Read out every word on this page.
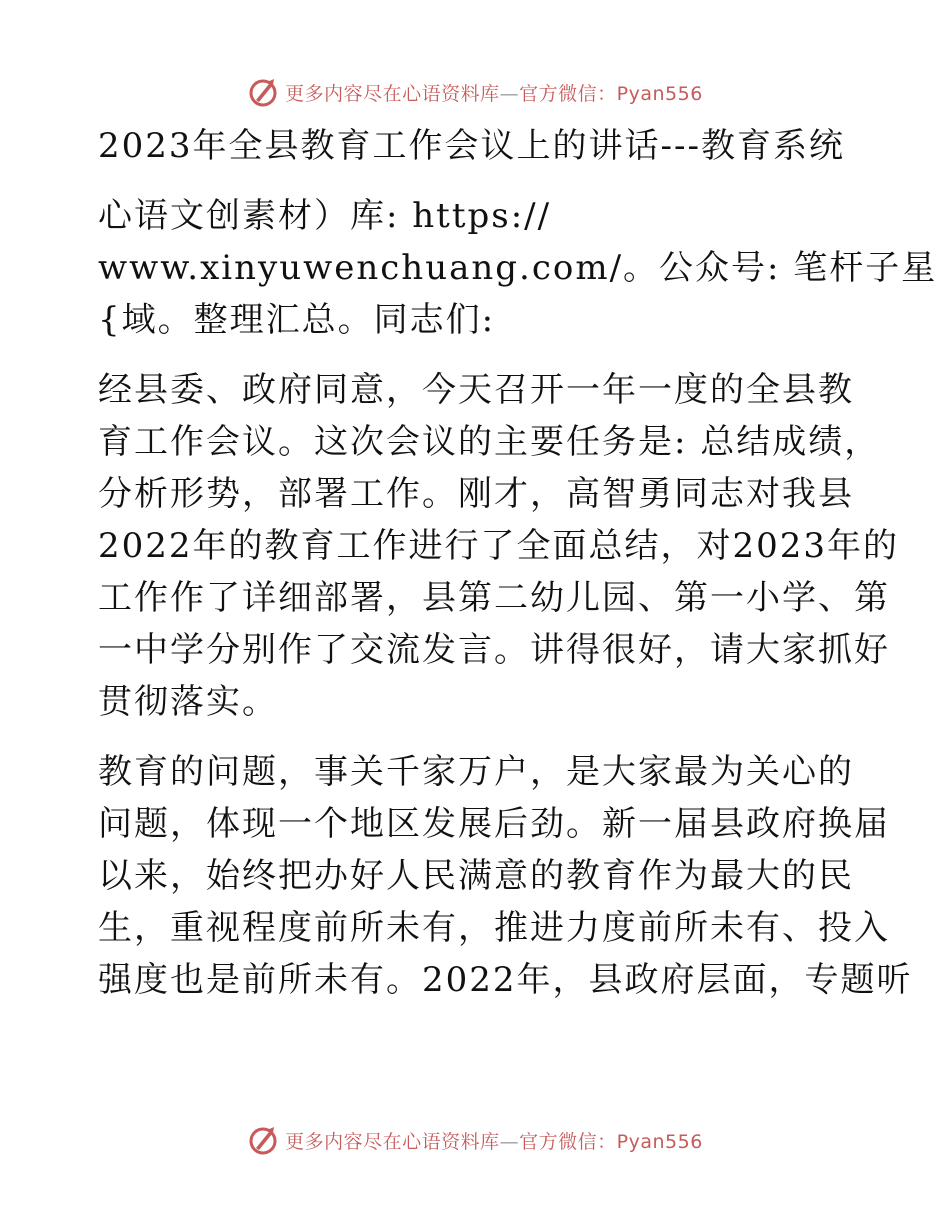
更多内容尽在心语资料库—官方微信：Pyan556
2023年全县教育工作会议上的讲话---教育系统
心语文创素材）库: https://
www.xinyuwenchuang.com/。公众号: 笔杆子星
{域。整理汇总。同志们:
经县委、政府同意，今天召开一年一度的全县教
育工作会议。这次会议的主要任务是: 总结成绩，
分析形势，部署工作。刚才，高智勇同志对我县
2022年的教育工作进行了全面总结，对2023年的
工作作了详细部署，县第二幼儿园、第一小学、第
一中学分别作了交流发言。讲得很好，请大家抓好
贯彻落实。
教育的问题，事关千家万户，是大家最为关心的
问题，体现一个地区发展后劲。新一届县政府换届
以来，始终把办好人民满意的教育作为最大的民
生，重视程度前所未有，推进力度前所未有、投入
强度也是前所未有。2022年，县政府层面，专题听
更多内容尽在心语资料库—官方微信：Pyan556
